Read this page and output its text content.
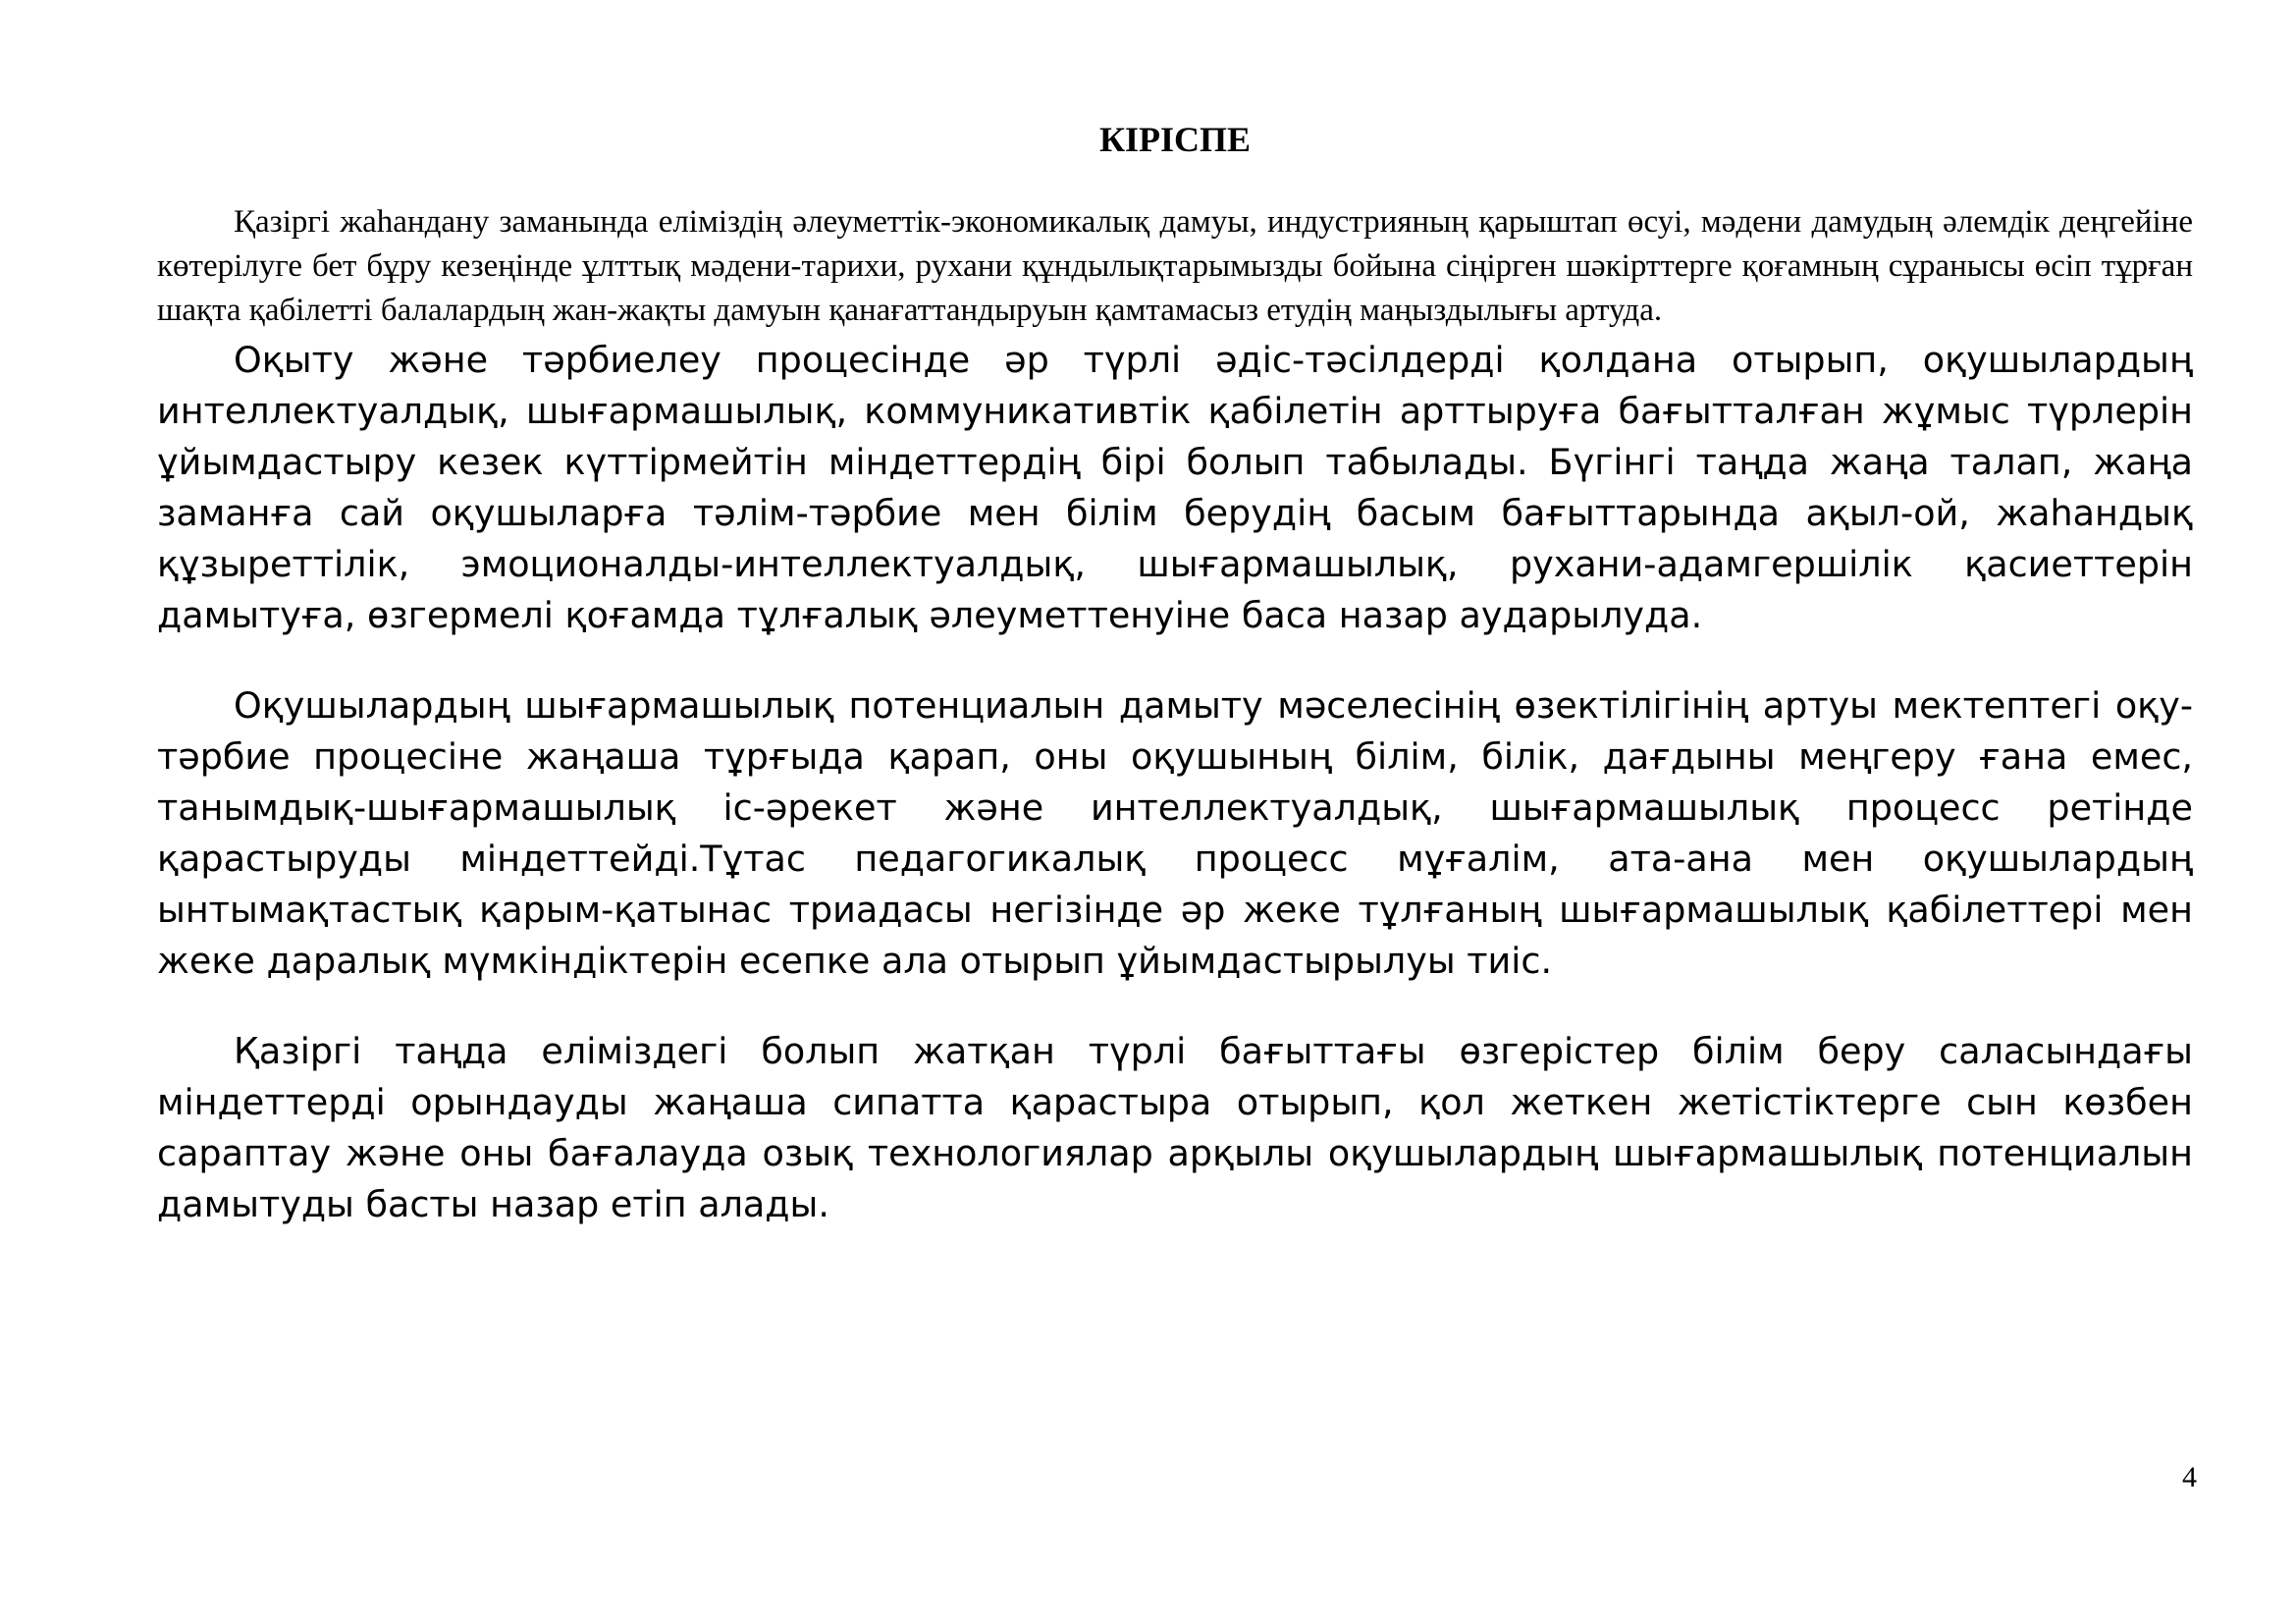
КІРІСПЕ

Қазіргі жаһандану заманында еліміздің әлеуметтік-экономикалық дамуы, индустрияның қарыштап өсуі, мәдени дамудың әлемдік деңгейіне көтерілуге бет бұру кезеңінде ұлттық мәдени-тарихи, рухани құндылықтарымызды бойына сіңірген шәкірттерге қоғамның сұранысы өсіп тұрған шақта қабілетті балалардың жан-жақты дамуын қанағаттандыруын қамтамасыз етудің маңыздылығы артуда.

Оқыту және тәрбиелеу процесінде әр түрлі әдіс-тәсілдерді қолдана отырып, оқушылардың интеллектуалдық, шығармашылық, коммуникативтік қабілетін арттыруға бағытталған жұмыс түрлерін ұйымдастыру кезек күттірмейтін міндеттердің бірі болып табылады. Бүгінгі таңда жаңа талап, жаңа заманға сай оқушыларға тәлім-тәрбие мен білім берудің басым бағыттарында ақыл-ой, жаһандық құзыреттілік, эмоционалды-интеллектуалдық, шығармашылық, рухани-адамгершілік қасиеттерін дамытуға, өзгермелі қоғамда тұлғалық әлеуметтенуіне баса назар аударылуда.

Оқушылардың шығармашылық потенциалын дамыту мәселесінің өзектілігінің артуы мектептегі оқу-тәрбие процесіне жаңаша тұрғыда қарап, оны оқушының білім, білік, дағдыны меңгеру ғана емес, танымдық-шығармашылық іс-әрекет және интеллектуалдық, шығармашылық процесс ретінде қарастыруды міндеттейді.Тұтас педагогикалық процесс мұғалім, ата-ана мен оқушылардың ынтымақтастық қарым-қатынас триадасы негізінде әр жеке тұлғаның шығармашылық қабілеттері мен жеке даралық мүмкіндіктерін есепке ала отырып ұйымдастырылуы тиіс.

Қазіргі таңда еліміздегі болып жатқан түрлі бағыттағы өзгерістер білім беру саласындағы міндеттерді орындауды жаңаша сипатта қарастыра отырып, қол жеткен жетістіктерге сын көзбен сараптау және оны бағалауда озық технологиялар арқылы оқушылардың шығармашылық потенциалын дамытуды басты назар етіп алады.

4
